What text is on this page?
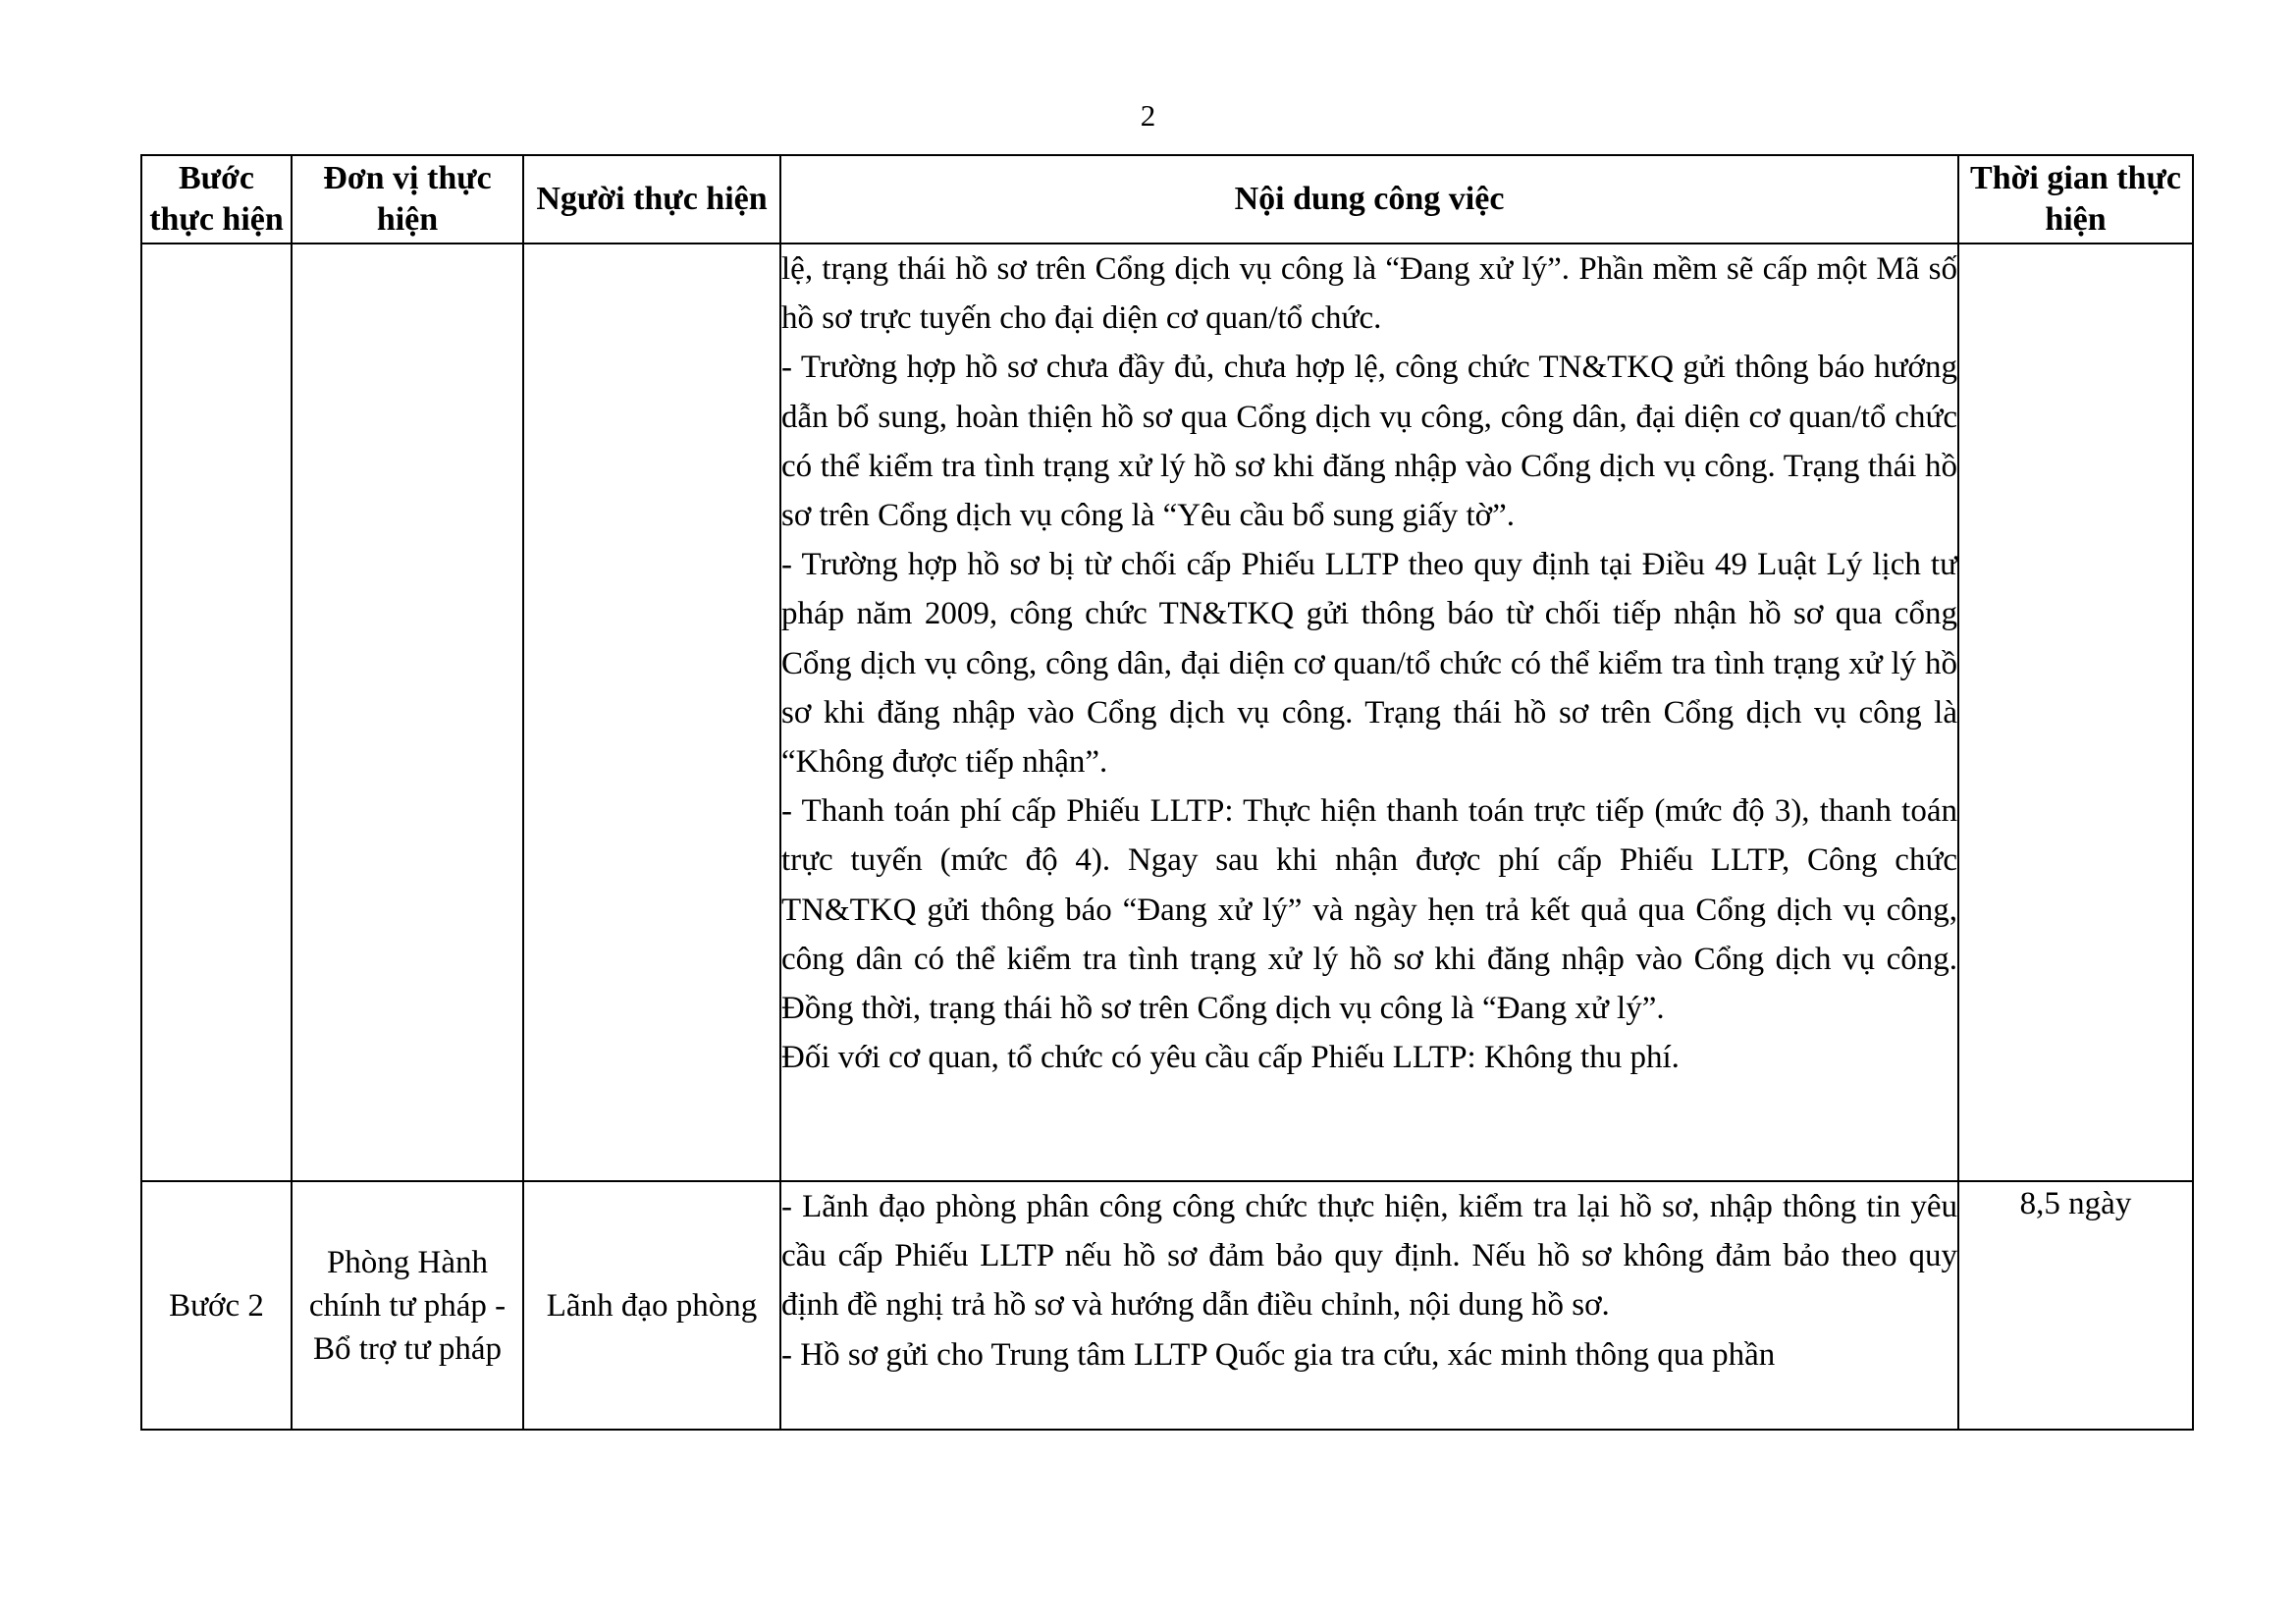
2
Bước thực hiện	Đơn vị thực hiện	Người thực hiện	Nội dung công việc	Thời gian thực hiện

			lệ, trạng thái hồ sơ trên Cổng dịch vụ công là “Đang xử lý”. Phần mềm sẽ cấp một Mã số hồ sơ trực tuyến cho đại diện cơ quan/tổ chức.

- Trường hợp hồ sơ chưa đầy đủ, chưa hợp lệ, công chức TN&TKQ gửi thông báo hướng dẫn bổ sung, hoàn thiện hồ sơ qua Cổng dịch vụ công, công dân, đại diện cơ quan/tổ chức có thể kiểm tra tình trạng xử lý hồ sơ khi đăng nhập vào Cổng dịch vụ công. Trạng thái hồ sơ trên Cổng dịch vụ công là “Yêu cầu bổ sung giấy tờ”.

- Trường hợp hồ sơ bị từ chối cấp Phiếu LLTP theo quy định tại Điều 49 Luật Lý lịch tư pháp năm 2009, công chức TN&TKQ gửi thông báo từ chối tiếp nhận hồ sơ qua cổng Cổng dịch vụ công, công dân, đại diện cơ quan/tổ chức có thể kiểm tra tình trạng xử lý hồ sơ khi đăng nhập vào Cổng dịch vụ công. Trạng thái hồ sơ trên Cổng dịch vụ công là “Không được tiếp nhận”.

- Thanh toán phí cấp Phiếu LLTP: Thực hiện thanh toán trực tiếp (mức độ 3), thanh toán trực tuyến (mức độ 4). Ngay sau khi nhận được phí cấp Phiếu LLTP, Công chức TN&TKQ gửi thông báo “Đang xử lý” và ngày hẹn trả kết quả qua Cổng dịch vụ công, công dân có thể kiểm tra tình trạng xử lý hồ sơ khi đăng nhập vào Cổng dịch vụ công. Đồng thời, trạng thái hồ sơ trên Cổng dịch vụ công là “Đang xử lý”.

Đối với cơ quan, tổ chức có yêu cầu cấp Phiếu LLTP: Không thu phí.	

Bước 2	Phòng Hành chính tư pháp - Bổ trợ tư pháp	Lãnh đạo phòng	- Lãnh đạo phòng phân công công chức thực hiện, kiểm tra lại hồ sơ, nhập thông tin yêu cầu cấp Phiếu LLTP nếu hồ sơ đảm bảo quy định. Nếu hồ sơ không đảm bảo theo quy định đề nghị trả hồ sơ và hướng dẫn điều chỉnh, nội dung hồ sơ.

- Hồ sơ gửi cho Trung tâm LLTP Quốc gia tra cứu, xác minh thông qua phần	8,5 ngày
